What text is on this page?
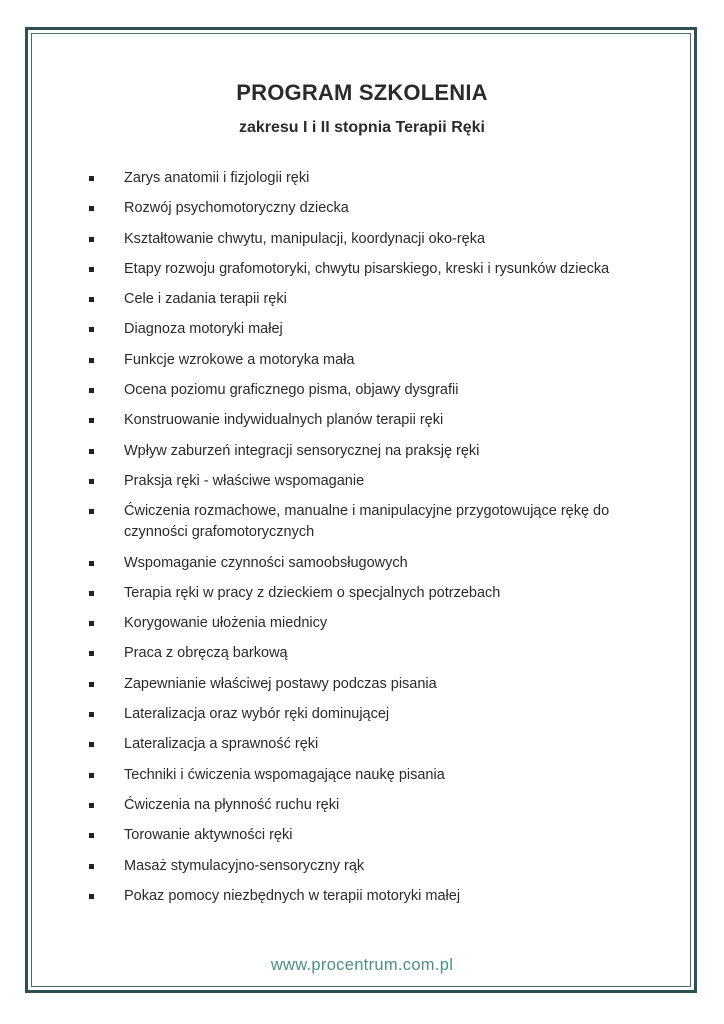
PROGRAM SZKOLENIA
zakresu I i II stopnia Terapii Ręki
Zarys anatomii i fizjologii ręki
Rozwój psychomotoryczny dziecka
Kształtowanie chwytu, manipulacji, koordynacji oko-ręka
Etapy rozwoju grafomotoryki, chwytu pisarskiego, kreski i rysunków dziecka
Cele i zadania terapii ręki
Diagnoza motoryki małej
Funkcje wzrokowe a motoryka mała
Ocena poziomu graficznego pisma, objawy dysgrafii
Konstruowanie indywidualnych planów terapii ręki
Wpływ zaburzeń integracji sensorycznej na praksję ręki
Praksja ręki - właściwe wspomaganie
Ćwiczenia rozmachowe, manualne i manipulacyjne przygotowujące rękę do czynności grafomotorycznych
Wspomaganie czynności samoobsługowych
Terapia ręki w pracy z dzieckiem o specjalnych potrzebach
Korygowanie ułożenia miednicy
Praca z obręczą barkową
Zapewnianie właściwej postawy podczas pisania
Lateralizacja oraz wybór ręki dominującej
Lateralizacja a sprawność ręki
Techniki i ćwiczenia wspomagające naukę pisania
Ćwiczenia na płynność ruchu ręki
Torowanie aktywności ręki
Masaż stymulacyjno-sensoryczny rąk
Pokaz pomocy niezbędnych w terapii motoryki małej
www.procentrum.com.pl
